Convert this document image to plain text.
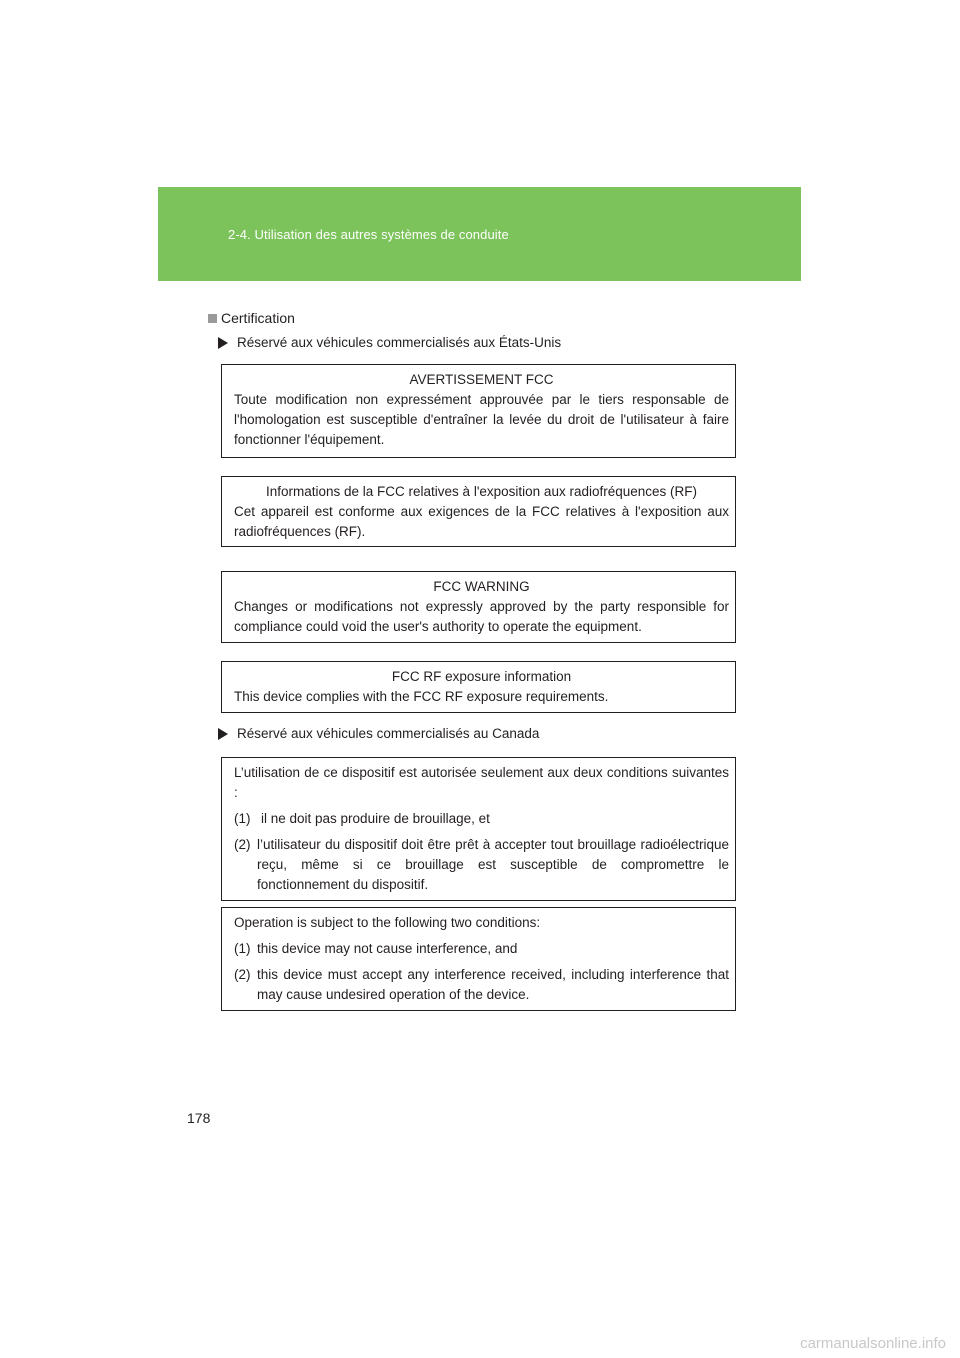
2-4. Utilisation des autres systèmes de conduite
Certification
Réservé aux véhicules commercialisés aux États-Unis
AVERTISSEMENT FCC
Toute modification non expressément approuvée par le tiers responsable de l'homologation est susceptible d'entraîner la levée du droit de l'utilisateur à faire fonctionner l'équipement.
Informations de la FCC relatives à l'exposition aux radiofréquences (RF)
Cet appareil est conforme aux exigences de la FCC relatives à l'exposition aux radiofréquences (RF).
FCC WARNING
Changes or modifications not expressly approved by the party responsible for compliance could void the user's authority to operate the equipment.
FCC RF exposure information
This device complies with the FCC RF exposure requirements.
Réservé aux véhicules commercialisés au Canada
L’utilisation de ce dispositif est autorisée seulement aux deux conditions suivantes :
(1) il ne doit pas produire de brouillage, et
(2) l’utilisateur du dispositif doit être prêt à accepter tout brouillage radioélectrique reçu, même si ce brouillage est susceptible de compromettre le fonctionnement du dispositif.
Operation is subject to the following two conditions:
(1) this device may not cause interference, and
(2) this device must accept any interference received, including interference that may cause undesired operation of the device.
178
carmanualsonline.info
